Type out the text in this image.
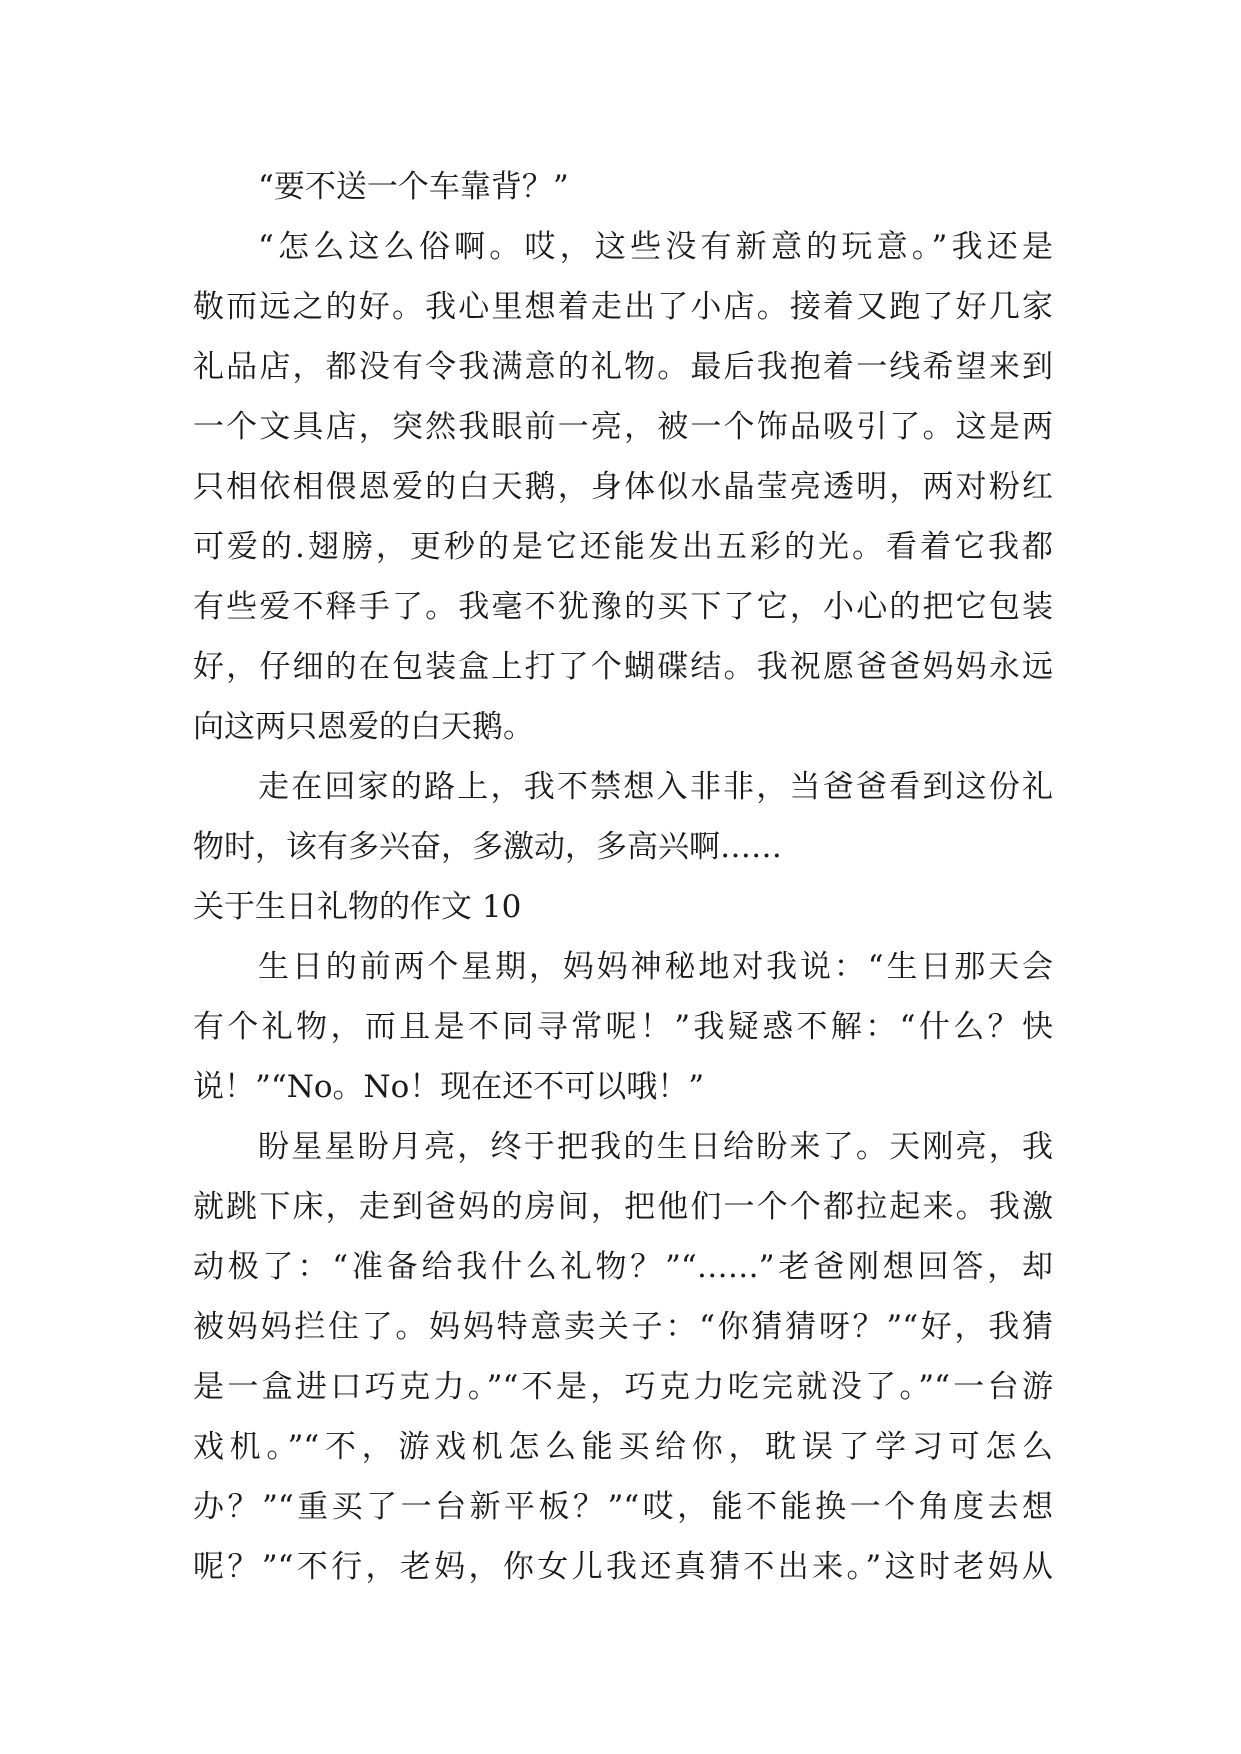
“要不送一个车靠背？”
“怎么这么俗啊。哎，这些没有新意的玩意。”我还是
敬而远之的好。我心里想着走出了小店。接着又跑了好几家
礼品店，都没有令我满意的礼物。最后我抱着一线希望来到
一个文具店，突然我眼前一亮，被一个饰品吸引了。这是两
只相依相偎恩爱的白天鹅，身体似水晶莹亮透明，两对粉红
可爱的.翅膀，更秒的是它还能发出五彩的光。看着它我都
有些爱不释手了。我毫不犹豫的买下了它，小心的把它包装
好，仔细的在包装盒上打了个蝴碟结。我祝愿爸爸妈妈永远
向这两只恩爱的白天鹅。
走在回家的路上，我不禁想入非非，当爸爸看到这份礼
物时，该有多兴奋，多激动，多高兴啊……
关于生日礼物的作文 10
生日的前两个星期，妈妈神秘地对我说：“生日那天会
有个礼物，而且是不同寻常呢！”我疑惑不解：“什么？快
说！”“No。No！现在还不可以哦！”
盼星星盼月亮，终于把我的生日给盼来了。天刚亮，我
就跳下床，走到爸妈的房间，把他们一个个都拉起来。我激
动极了：“准备给我什么礼物？”“……”老爸刚想回答，却
被妈妈拦住了。妈妈特意卖关子：“你猜猜呀？”“好，我猜
是一盒进口巧克力。”“不是，巧克力吃完就没了。”“一台游
戏机。”“不，游戏机怎么能买给你，耽误了学习可怎么
办？”“重买了一台新平板？”“哎，能不能换一个角度去想
呢？”“不行，老妈，你女儿我还真猜不出来。”这时老妈从
